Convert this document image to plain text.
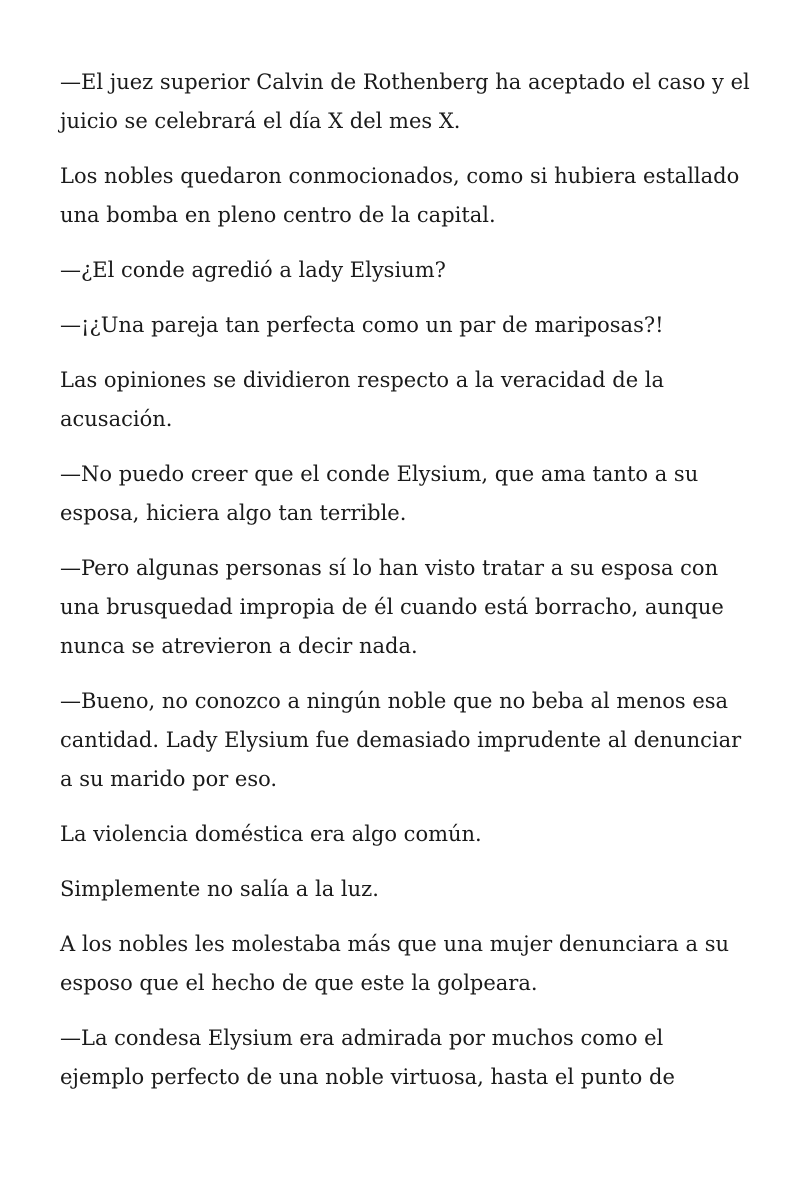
—El juez superior Calvin de Rothenberg ha aceptado el caso y el juicio se celebrará el día X del mes X.

Los nobles quedaron conmocionados, como si hubiera estallado una bomba en pleno centro de la capital.

—¿El conde agredió a lady Elysium?

—¡¿Una pareja tan perfecta como un par de mariposas?!

Las opiniones se dividieron respecto a la veracidad de la acusación.

—No puedo creer que el conde Elysium, que ama tanto a su esposa, hiciera algo tan terrible.

—Pero algunas personas sí lo han visto tratar a su esposa con una brusquedad impropia de él cuando está borracho, aunque nunca se atrevieron a decir nada.

—Bueno, no conozco a ningún noble que no beba al menos esa cantidad. Lady Elysium fue demasiado imprudente al denunciar a su marido por eso.

La violencia doméstica era algo común.

Simplemente no salía a la luz.

A los nobles les molestaba más que una mujer denunciara a su esposo que el hecho de que este la golpeara.

—La condesa Elysium era admirada por muchos como el ejemplo perfecto de una noble virtuosa, hasta el punto de
